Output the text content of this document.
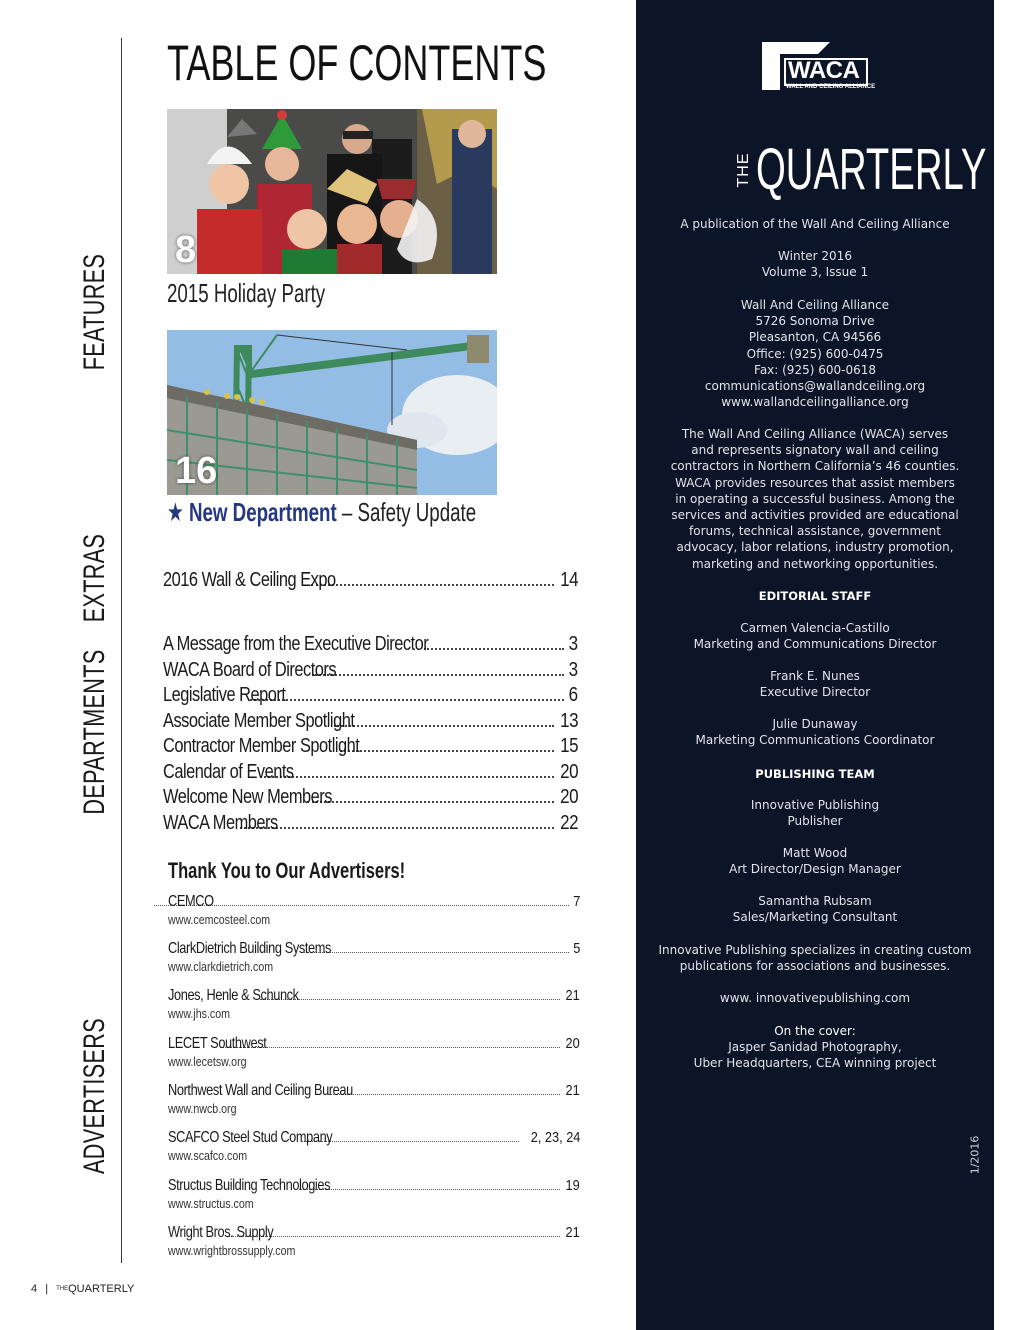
FEATURES
EXTRAS
DEPARTMENTS
ADVERTISERS
TABLE OF CONTENTS
8
2015 Holiday Party
16
★ New Department – Safety Update
2016 Wall & Ceiling Expo	14
A Message from the Executive Director	3
WACA Board of Directors	3
Legislative Report	6
Associate Member Spotlight	13
Contractor Member Spotlight	15
Calendar of Events	20
Welcome New Members	20
WACA Members	22
Thank You to Our Advertisers!
CEMCO	7
www.cemcosteel.com
ClarkDietrich Building Systems	5
www.clarkdietrich.com
Jones, Henle & Schunck	21
www.jhs.com
LECET Southwest	20
www.lecetsw.org
Northwest Wall and Ceiling Bureau	21
www.nwcb.org
SCAFCO Steel Stud Company	2, 23, 24
www.scafco.com
Structus Building Technologies	19
www.structus.com
Wright Bros. Supply	21
www.wrightbrossupply.com
4 | THEQUARTERLY
WACA
WALL AND CEILING ALLIANCE
THE QUARTERLY
A publication of the Wall And Ceiling Alliance
Winter 2016
Volume 3, Issue 1
Wall And Ceiling Alliance
5726 Sonoma Drive
Pleasanton, CA 94566
Office: (925) 600-0475
Fax: (925) 600-0618
communications@wallandceiling.org
www.wallandceilingalliance.org
The Wall And Ceiling Alliance (WACA) serves
and represents signatory wall and ceiling
contractors in Northern California’s 46 counties.
WACA provides resources that assist members
in operating a successful business. Among the
services and activities provided are educational
forums, technical assistance, government
advocacy, labor relations, industry promotion,
marketing and networking opportunities.
EDITORIAL STAFF
Carmen Valencia-Castillo
Marketing and Communications Director
Frank E. Nunes
Executive Director
Julie Dunaway
Marketing Communications Coordinator
PUBLISHING TEAM
Innovative Publishing
Publisher
Matt Wood
Art Director/Design Manager
Samantha Rubsam
Sales/Marketing Consultant
Innovative Publishing specializes in creating custom
publications for associations and businesses.
www. innovativepublishing.com
On the cover:
Jasper Sanidad Photography,
Uber Headquarters, CEA winning project
1/2016
